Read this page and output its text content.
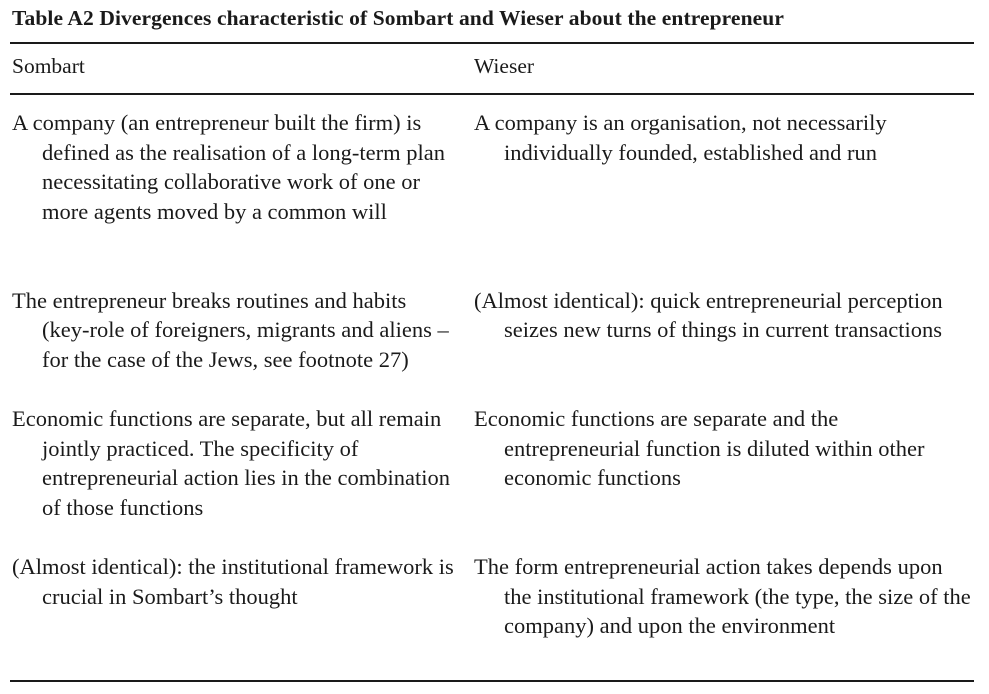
Table A2 Divergences characteristic of Sombart and Wieser about the entrepreneur
Sombart	Wieser
A company (an entrepreneur built the firm) is defined as the realisation of a long-term plan necessitating collaborative work of one or more agents moved by a common will
A company is an organisation, not necessarily individually founded, established and run
The entrepreneur breaks routines and habits (key-role of foreigners, migrants and aliens – for the case of the Jews, see footnote 27)
(Almost identical): quick entrepreneurial perception seizes new turns of things in current transactions
Economic functions are separate, but all remain jointly practiced. The specificity of entrepreneurial action lies in the combination of those functions
Economic functions are separate and the entrepreneurial function is diluted within other economic functions
(Almost identical): the institutional framework is crucial in Sombart’s thought
The form entrepreneurial action takes depends upon the institutional framework (the type, the size of the company) and upon the environment
